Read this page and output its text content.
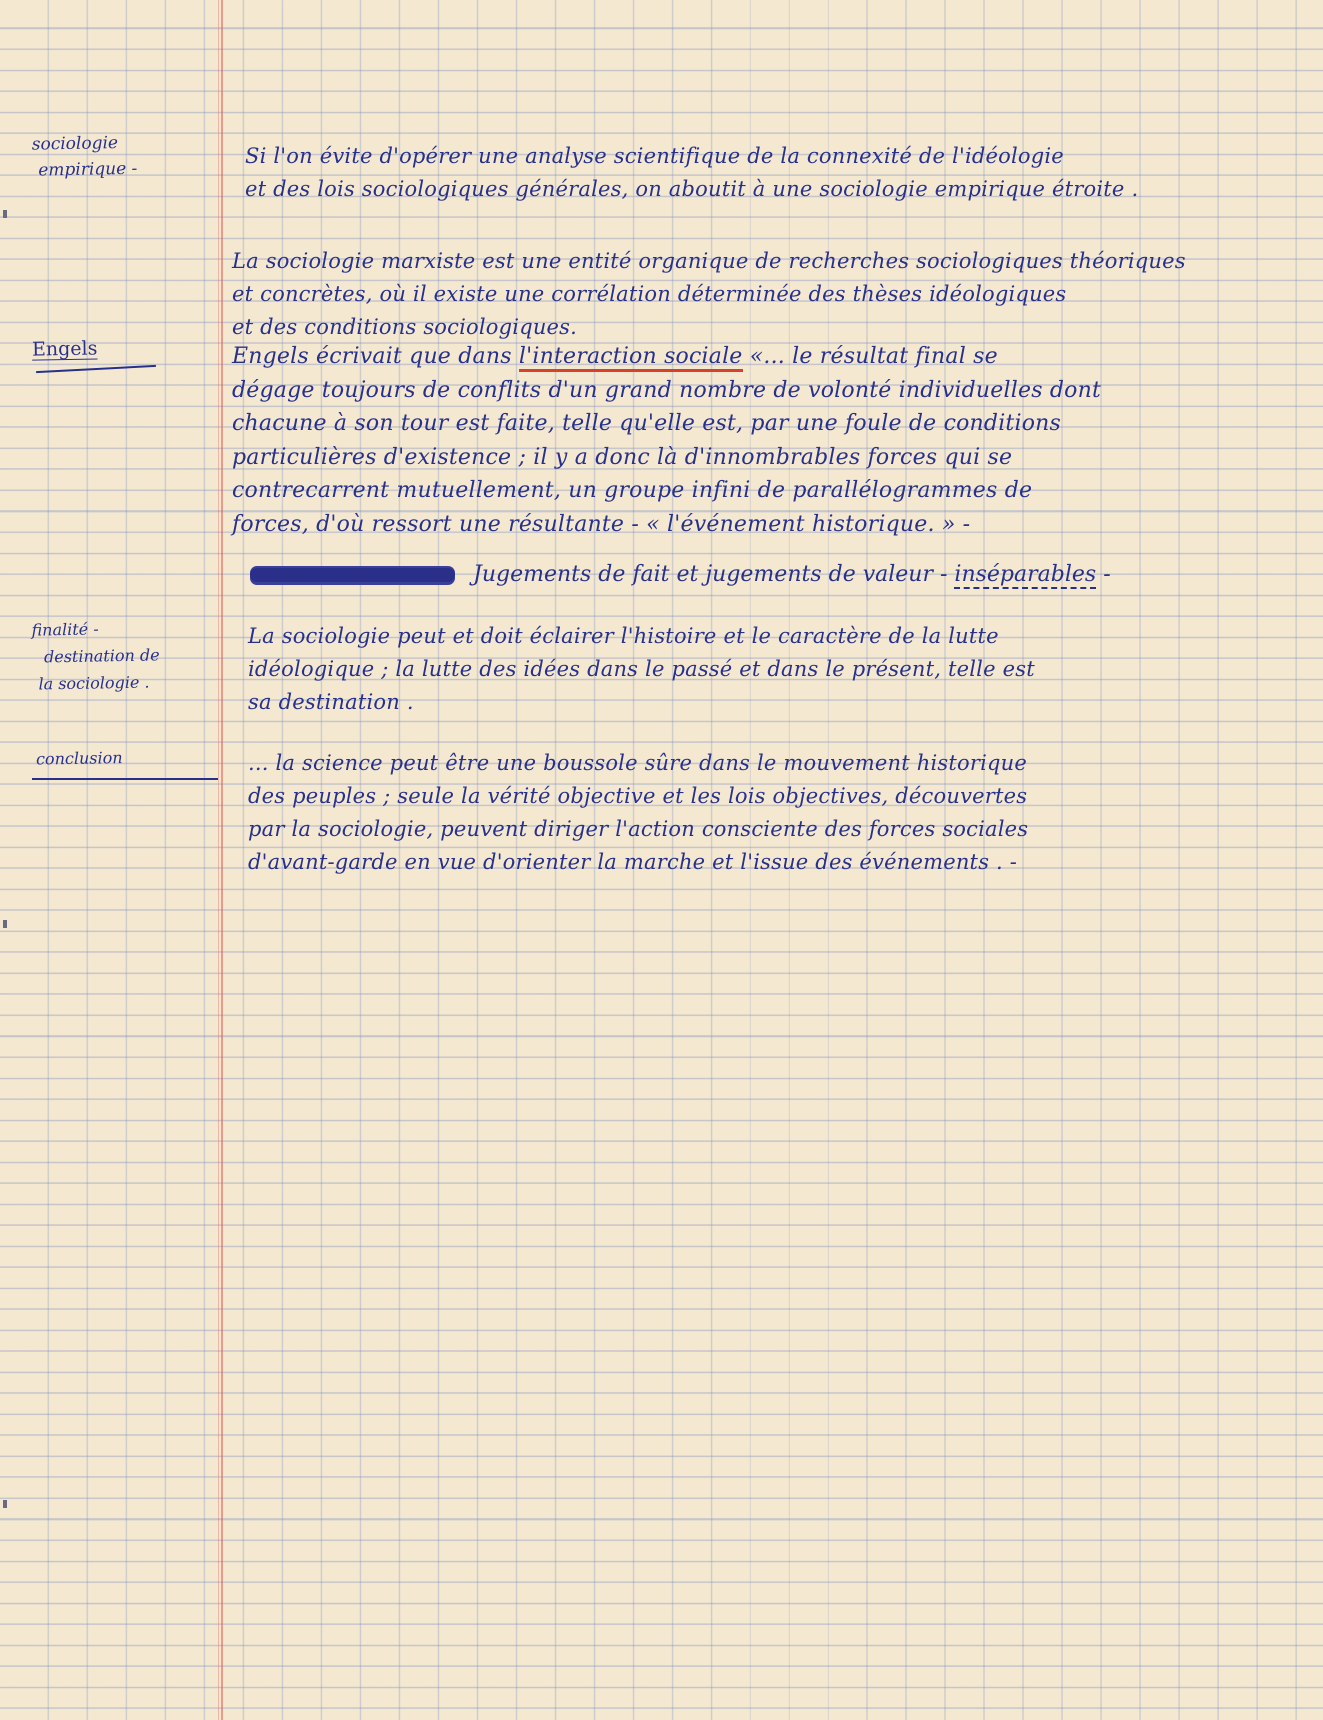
sociologie
empirique -
Engels
finalité -
destination de
la sociologie .
conclusion
Si l'on évite d'opérer une analyse scientifique de la connexité de l'idéologie
et des lois sociologiques générales, on aboutit à une sociologie empirique étroite .
La sociologie marxiste est une entité organique de recherches sociologiques théoriques
et concrètes, où il existe une corrélation déterminée des thèses idéologiques
et des conditions sociologiques.
Engels écrivait que dans l'interaction sociale «... le résultat final se
dégage toujours de conflits d'un grand nombre de volonté individuelles dont
chacune à son tour est faite, telle qu'elle est, par une foule de conditions
particulières d'existence ; il y a donc là d'innombrables forces qui se
contrecarrent mutuellement, un groupe infini de parallélogrammes de
forces, d'où ressort une résultante - « l'événement historique. » -
Jugements de fait et jugements de valeur - inséparables -
La sociologie peut et doit éclairer l'histoire et le caractère de la lutte
idéologique ; la lutte des idées dans le passé et dans le présent, telle est
sa destination .
... la science peut être une boussole sûre dans le mouvement historique
des peuples ; seule la vérité objective et les lois objectives, découvertes
par la sociologie, peuvent diriger l'action consciente des forces sociales
d'avant-garde en vue d'orienter la marche et l'issue des événements . -
